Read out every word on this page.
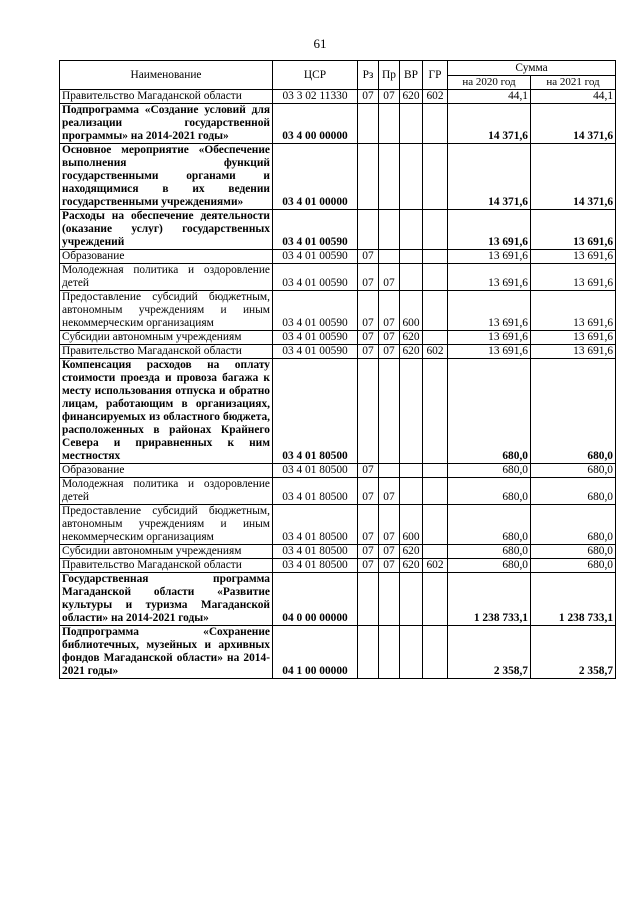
61
Наименование	ЦСР	Рз	Пр	ВР	ГР	Сумма	
						на 2020 год	на 2021 год
Правительство Магаданской области	03 3 02 11330	07	07	620	602	44,1	44,1
Подпрограмма «Создание условий для реализации государственной программы» на 2014-2021 годы»	03 4 00 00000					14 371,6	14 371,6
Основное мероприятие «Обеспечение выполнения функций государственными органами и находящимися в их ведении государственными учреждениями»	03 4 01 00000					14 371,6	14 371,6
Расходы на обеспечение деятельности (оказание услуг) государственных учреждений	03 4 01 00590					13 691,6	13 691,6
Образование	03 4 01 00590	07				13 691,6	13 691,6
Молодежная политика и оздоровление детей	03 4 01 00590	07	07			13 691,6	13 691,6
Предоставление субсидий бюджетным, автономным учреждениям и иным некоммерческим организациям	03 4 01 00590	07	07	600		13 691,6	13 691,6
Субсидии автономным учреждениям	03 4 01 00590	07	07	620		13 691,6	13 691,6
Правительство Магаданской области	03 4 01 00590	07	07	620	602	13 691,6	13 691,6
Компенсация расходов на оплату стоимости проезда и провоза багажа к месту использования отпуска и обратно лицам, работающим в организациях, финансируемых из областного бюджета, расположенных в районах Крайнего Севера и приравненных к ним местностях	03 4 01 80500					680,0	680,0
Образование	03 4 01 80500	07				680,0	680,0
Молодежная политика и оздоровление детей	03 4 01 80500	07	07			680,0	680,0
Предоставление субсидий бюджетным, автономным учреждениям и иным некоммерческим организациям	03 4 01 80500	07	07	600		680,0	680,0
Субсидии автономным учреждениям	03 4 01 80500	07	07	620		680,0	680,0
Правительство Магаданской области	03 4 01 80500	07	07	620	602	680,0	680,0
Государственная программа Магаданской области «Развитие культуры и туризма Магаданской области» на 2014-2021 годы»	04 0 00 00000					1 238 733,1	1 238 733,1
Подпрограмма «Сохранение библиотечных, музейных и архивных фондов Магаданской области» на 2014-2021 годы»	04 1 00 00000					2 358,7	2 358,7
